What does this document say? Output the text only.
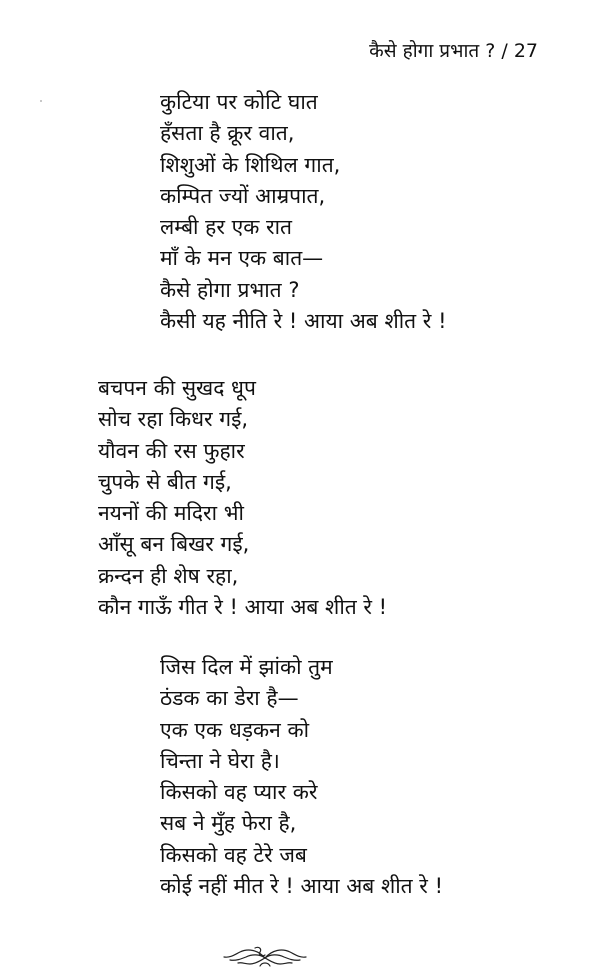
कैसे होगा प्रभात ? / 27
कुटिया पर कोटि घात
हँसता है क्रूर वात,
शिशुओं के शिथिल गात,
कम्पित ज्यों आम्रपात,
लम्बी हर एक रात
माँ के मन एक बात—
कैसे होगा प्रभात ?
कैसी यह नीति रे ! आया अब शीत रे !
बचपन की सुखद धूप
सोच रहा किधर गई,
यौवन की रस फुहार
चुपके से बीत गई,
नयनों की मदिरा भी
आँसू बन बिखर गई,
क्रन्दन ही शेष रहा,
कौन गाऊँ गीत रे ! आया अब शीत रे !
जिस दिल में झांको तुम
ठंडक का डेरा है—
एक एक धड़कन को
चिन्ता ने घेरा है।
किसको वह प्यार करे
सब ने मुँह फेरा है,
किसको वह टेरे जब
कोई नहीं मीत रे ! आया अब शीत रे !
